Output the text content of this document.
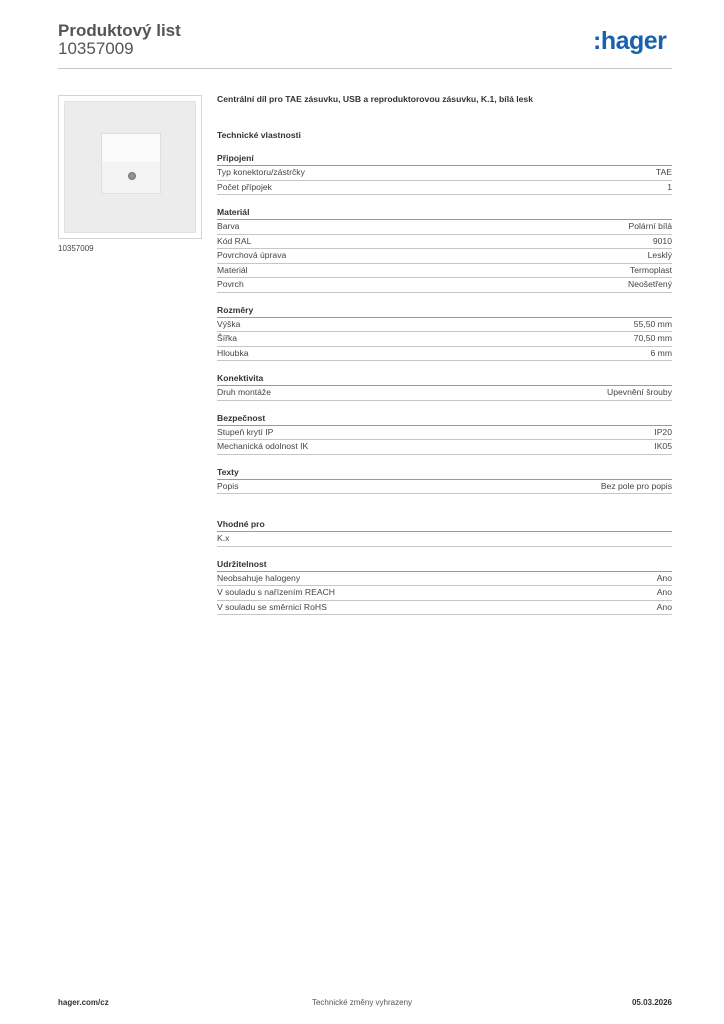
Produktový list
10357009	:hager
10357009
Centrální díl pro TAE zásuvku, USB a reproduktorovou zásuvku, K.1, bílá lesk
Technické vlastnosti
Připojení
Typ konektoru/zástrčky	TAE
Počet přípojek	1
Materiál
Barva	Polární bílá
Kód RAL	9010
Povrchová úprava	Lesklý
Materiál	Termoplast
Povrch	Neošetřený
Rozměry
Výška	55,50 mm
Šířka	70,50 mm
Hloubka	6 mm
Konektivita
Druh montáže	Upevnění šrouby
Bezpečnost
Stupeň krytí IP	IP20
Mechanická odolnost IK	IK05
Texty
Popis	Bez pole pro popis
Vhodné pro
K.x
Udržitelnost
Neobsahuje halogeny	Ano
V souladu s nařízením REACH	Ano
V souladu se směrnicí RoHS	Ano
hager.com/cz	Technické změny vyhrazeny	05.03.2026
